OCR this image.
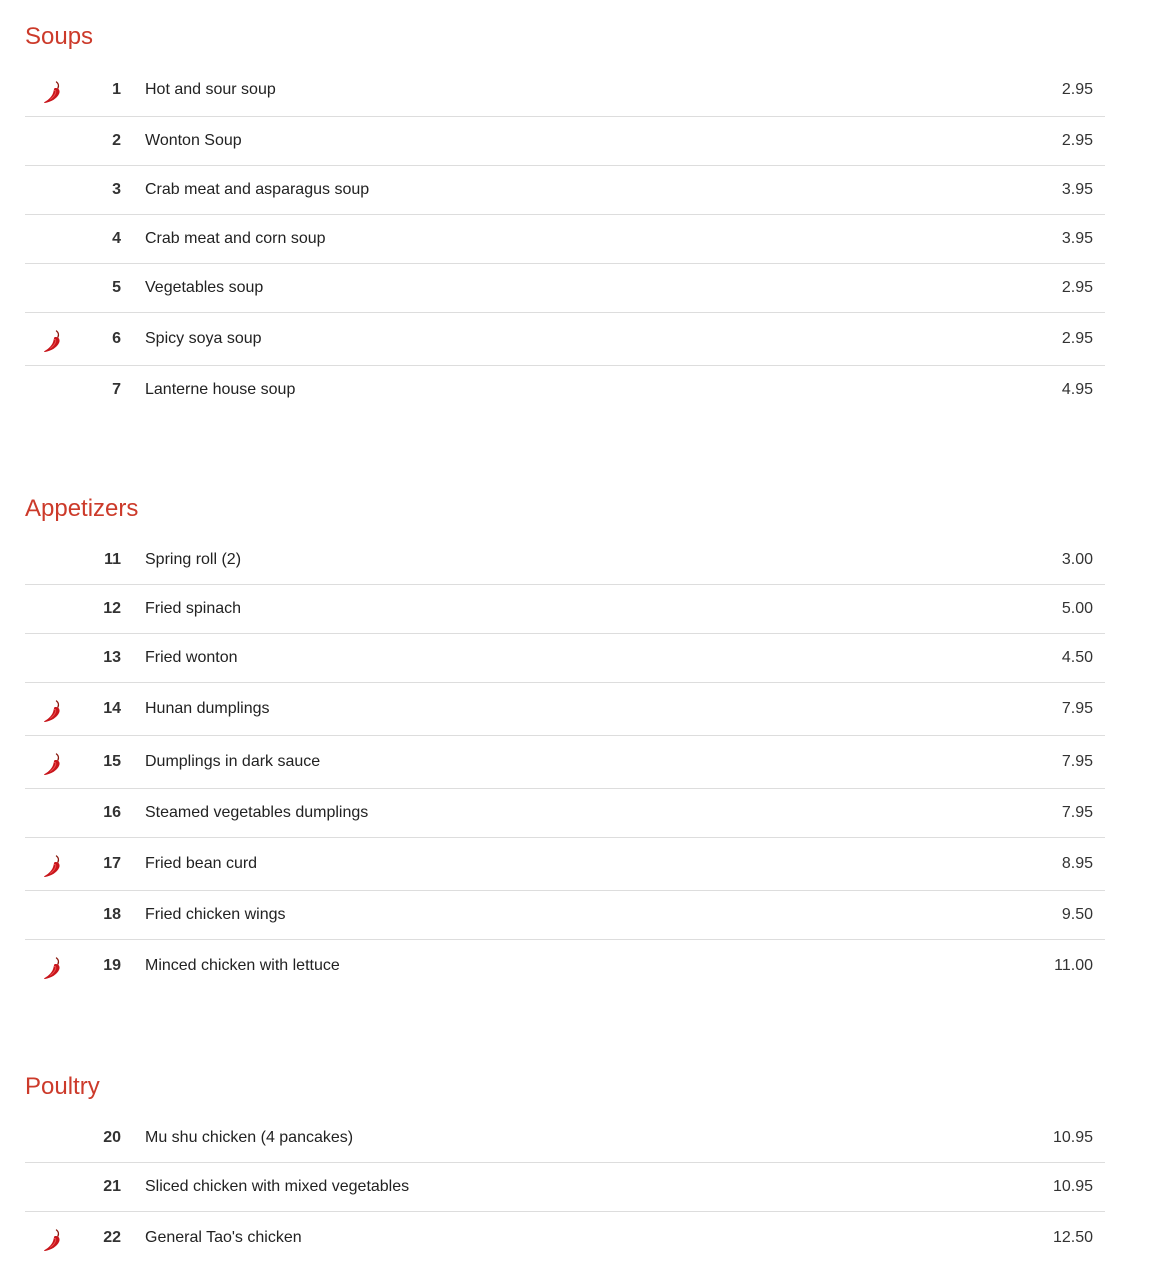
Soups
1	Hot and sour soup	2.95
2	Wonton Soup	2.95
3	Crab meat and asparagus soup	3.95
4	Crab meat and corn soup	3.95
5	Vegetables soup	2.95
6	Spicy soya soup	2.95
7	Lanterne house soup	4.95
Appetizers
11	Spring roll (2)	3.00
12	Fried spinach	5.00
13	Fried wonton	4.50
14	Hunan dumplings	7.95
15	Dumplings in dark sauce	7.95
16	Steamed vegetables dumplings	7.95
17	Fried bean curd	8.95
18	Fried chicken wings	9.50
19	Minced chicken with lettuce	11.00
Poultry
20	Mu shu chicken (4 pancakes)	10.95
21	Sliced chicken with mixed vegetables	10.95
22	General Tao's chicken	12.50
